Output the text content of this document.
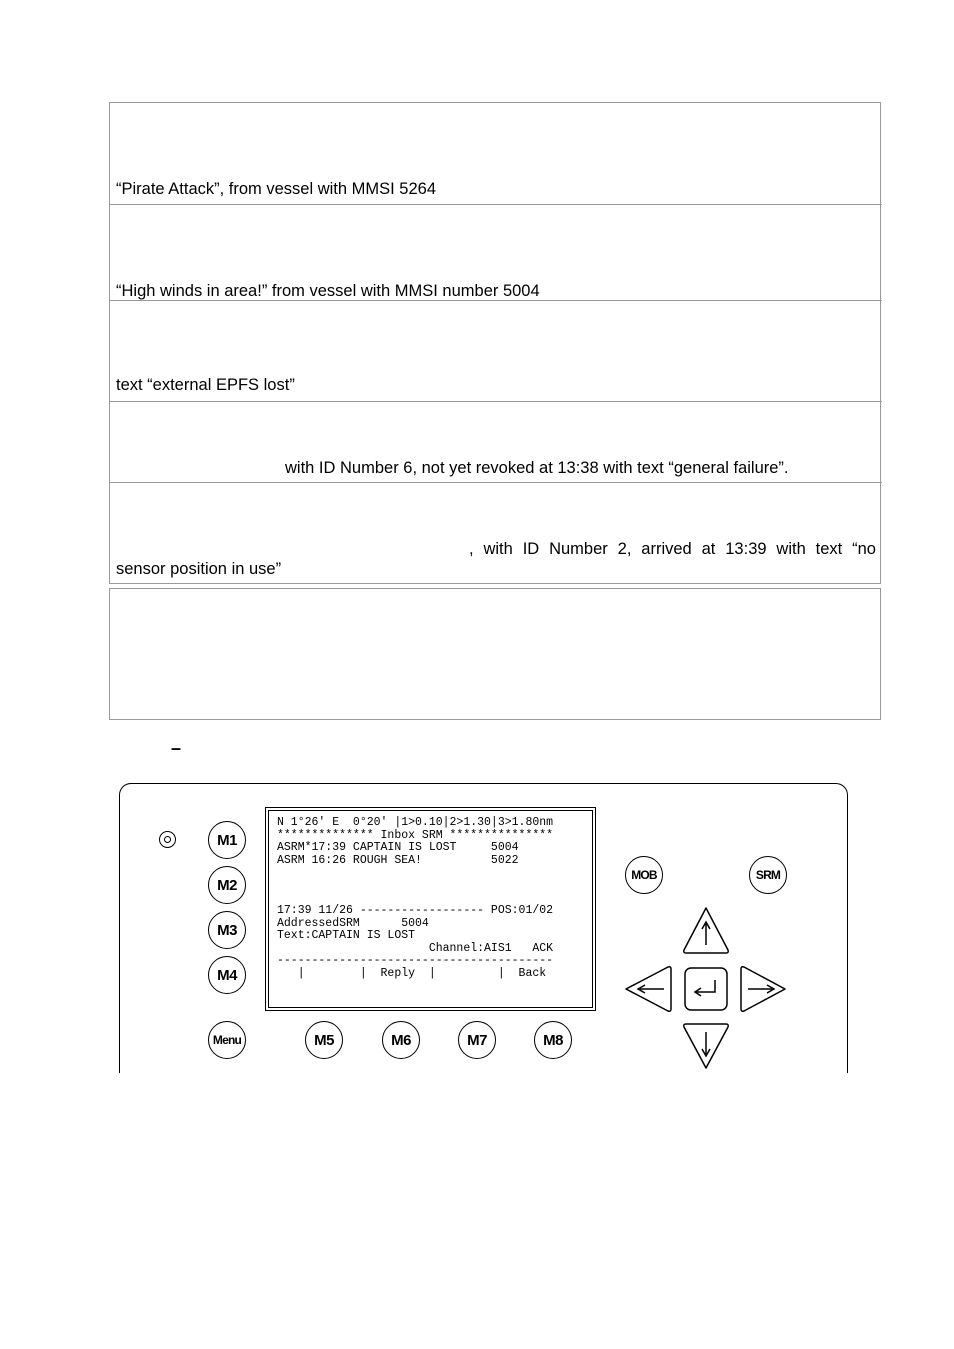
“Pirate Attack”, from vessel with MMSI 5264
“High winds in area!” from vessel with MMSI number 5004
text “external EPFS lost”
with ID Number 6, not yet revoked at 13:38 with text “general failure”.
, with ID Number 2, arrived at 13:39 with text “no
sensor position in use”
–
M1
M2
M3
M4
Menu	M5	M6	M7	M8
MOB	SRM
N 1°26' E  0°20' |1>0.10|2>1.30|3>1.80nm
************** Inbox SRM ***************
ASRM*17:39 CAPTAIN IS LOST     5004
ASRM 16:26 ROUGH SEA!          5022
17:39 11/26 ------------------ POS:01/02
AddressedSRM      5004
Text:CAPTAIN IS LOST
Channel:AIS1   ACK
----------------------------------------
|        |  Reply  |         |  Back
